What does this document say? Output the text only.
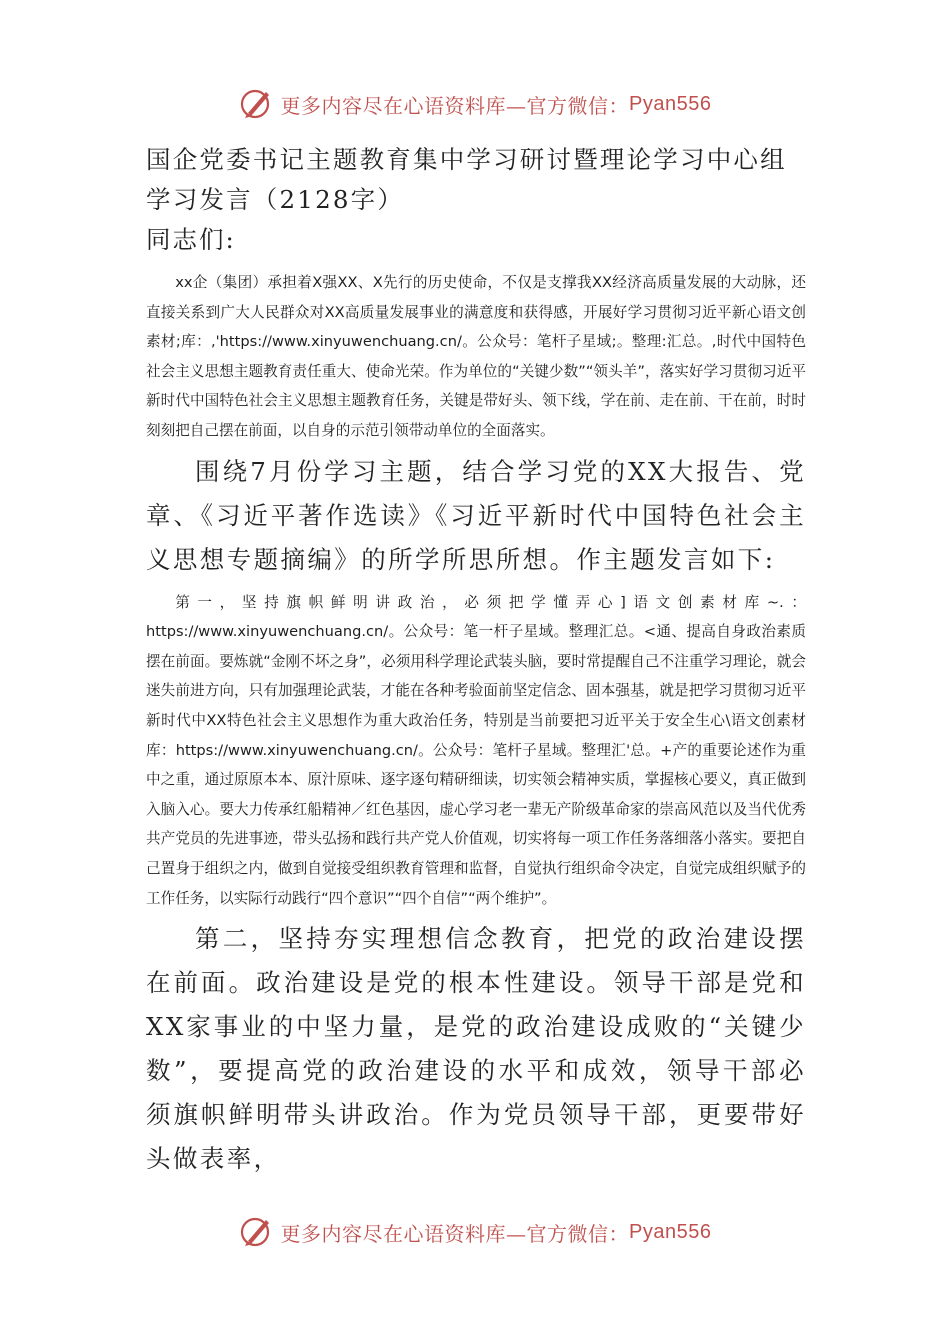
更多内容尽在心语资料库—官方微信： Pyan556
国企党委书记主题教育集中学习研讨暨理论学习中心组学习发言（2128字）

同志们:

xx企（集团）承担着X强XX、X先行的历史使命，不仅是支撑我XX经济高质量发展的大动脉，还直接关系到广大人民群众对XX高质量发展事业的满意度和获得感，开展好学习贯彻习近平新心语文创素材;库：,'https://www.xinyuwenchuang.cn/。公众号：笔杆子星域;。整理:汇总。,时代中国特色社会主义思想主题教育责任重大、使命光荣。作为单位的“关键少数”“领头羊”，落实好学习贯彻习近平新时代中国特色社会主义思想主题教育任务，关键是带好头、领下线，学在前、走在前、干在前，时时刻刻把自己摆在前面，以自身的示范引领带动单位的全面落实。

围绕7月份学习主题，结合学习党的XX大报告、党章、《习近平著作选读》《习近平新时代中国特色社会主义思想专题摘编》的所学所思所想。作主题发言如下:

第一，坚持旗帜鲜明讲政治，必须把学懂弄心]语文创素材库~.：https://www.xinyuwenchuang.cn/。公众号：笔一杆子星域。整理汇总。<通、提高自身政治素质摆在前面。要炼就“金刚不坏之身”，必须用科学理论武装头脑，要时常提醒自己不注重学习理论，就会迷失前进方向，只有加强理论武装，才能在各种考验面前坚定信念、固本强基，就是把学习贯彻习近平新时代中XX特色社会主义思想作为重大政治任务，特别是当前要把习近平关于安全生心\语文创素材库：https://www.xinyuwenchuang.cn/。公众号：笔杆子星域。整理汇'总。+产的重要论述作为重中之重，通过原原本本、原汁原味、逐字逐句精研细读，切实领会精神实质，掌握核心要义，真正做到入脑入心。要大力传承红船精神／红色基因，虚心学习老一辈无产阶级革命家的崇高风范以及当代优秀共产党员的先进事迹，带头弘扬和践行共产党人价值观，切实将每一项工作任务落细落小落实。要把自己置身于组织之内，做到自觉接受组织教育管理和监督，自觉执行组织命令决定，自觉完成组织赋予的工作任务，以实际行动践行“四个意识”“四个自信”“两个维护”。

第二，坚持夯实理想信念教育，把党的政治建设摆在前面。政治建设是党的根本性建设。领导干部是党和XX家事业的中坚力量，是党的政治建设成败的“关键少数”，要提高党的政治建设的水平和成效，领导干部必须旗帜鲜明带头讲政治。作为党员领导干部，更要带好头做表率，

更多内容尽在心语资料库—官方微信： Pyan556
